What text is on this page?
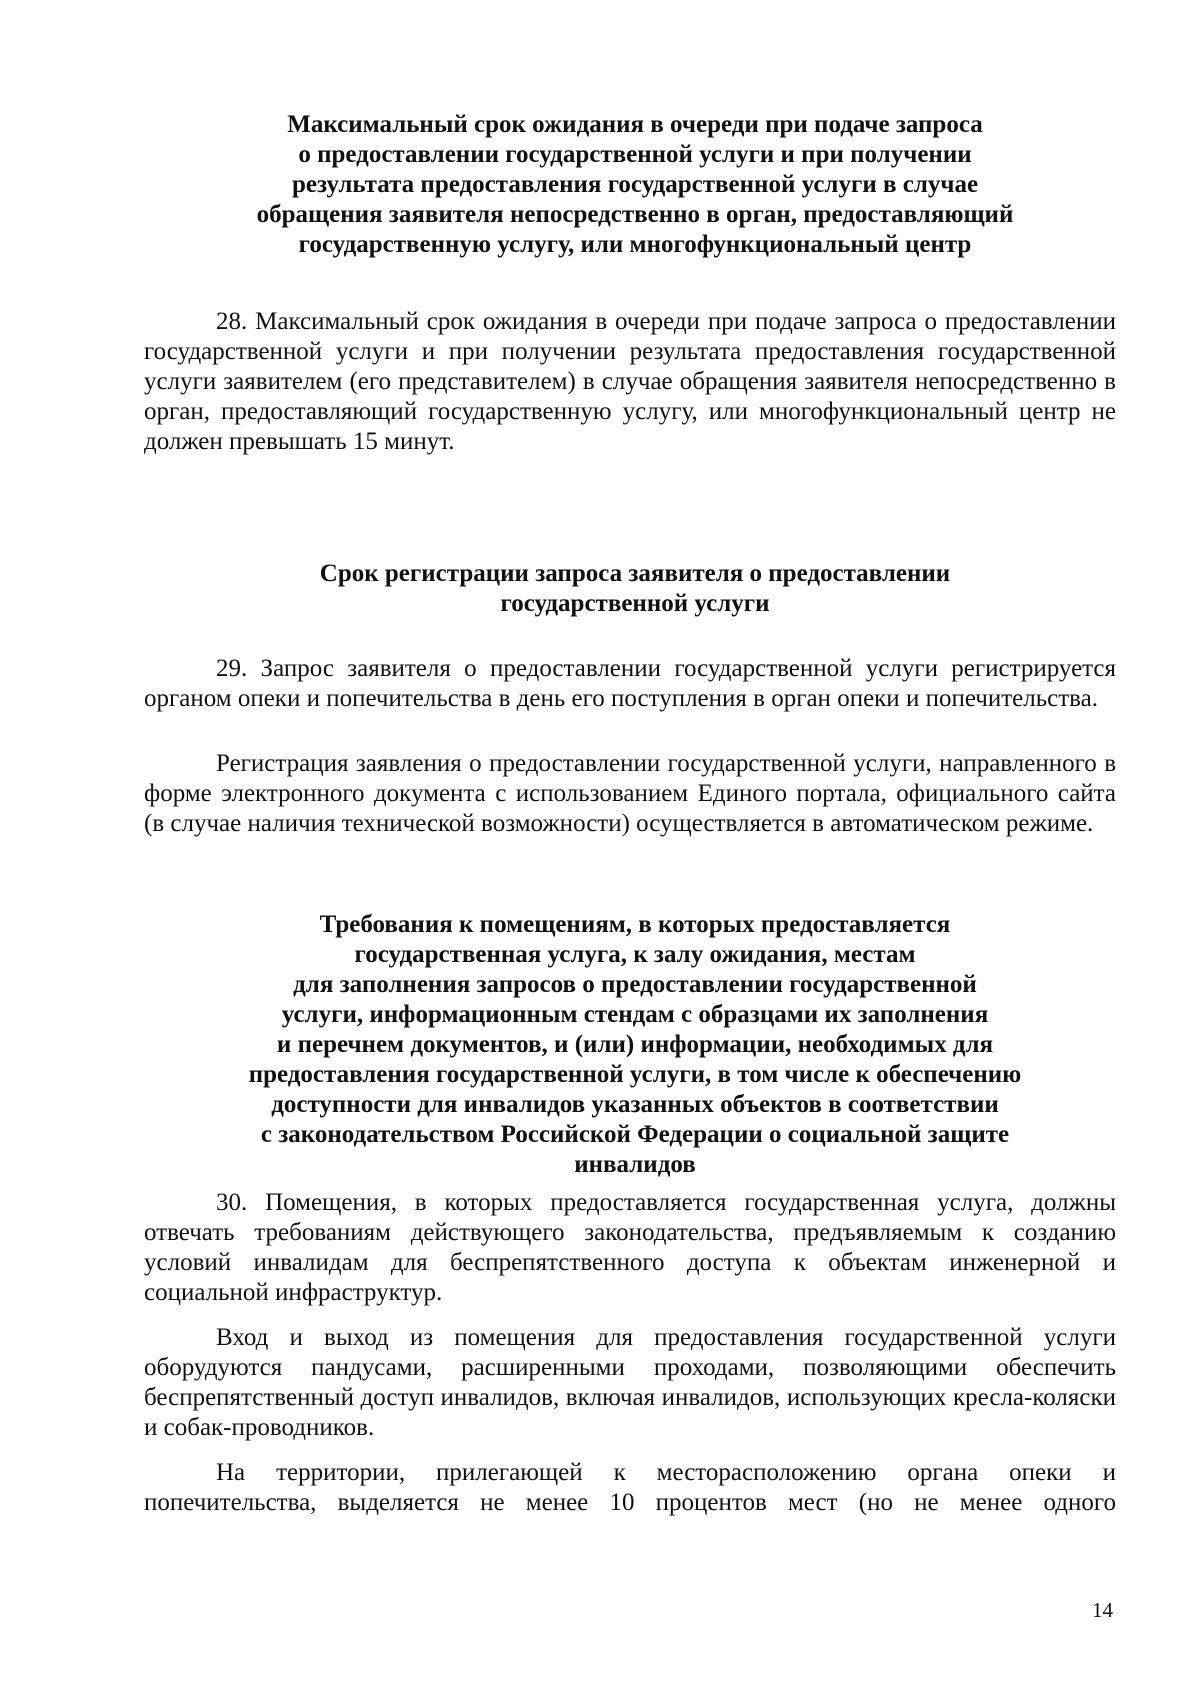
Максимальный срок ожидания в очереди при подаче запроса
о предоставлении государственной услуги и при получении
результата предоставления государственной услуги в случае
обращения заявителя непосредственно в орган, предоставляющий
государственную услугу, или многофункциональный центр
28. Максимальный срок ожидания в очереди при подаче запроса о предоставлении государственной услуги и при получении результата предоставления государственной услуги заявителем (его представителем) в случае обращения заявителя непосредственно в орган, предоставляющий государственную услугу, или многофункциональный центр не должен превышать 15 минут.
Срок регистрации запроса заявителя о предоставлении
государственной услуги
29. Запрос заявителя о предоставлении государственной услуги регистрируется органом опеки и попечительства в день его поступления в орган опеки и попечительства.
Регистрация заявления о предоставлении государственной услуги, направленного в форме электронного документа с использованием Единого портала, официального сайта (в случае наличия технической возможности) осуществляется в автоматическом режиме.
Требования к помещениям, в которых предоставляется
государственная услуга, к залу ожидания, местам
для заполнения запросов о предоставлении государственной
услуги, информационным стендам с образцами их заполнения
и перечнем документов, и (или) информации, необходимых для
предоставления государственной услуги, в том числе к обеспечению
доступности для инвалидов указанных объектов в соответствии
с законодательством Российской Федерации о социальной защите
инвалидов
30. Помещения, в которых предоставляется государственная услуга, должны отвечать требованиям действующего законодательства, предъявляемым к созданию условий инвалидам для беспрепятственного доступа к объектам инженерной и социальной инфраструктур.
Вход и выход из помещения для предоставления государственной услуги оборудуются пандусами, расширенными проходами, позволяющими обеспечить беспрепятственный доступ инвалидов, включая инвалидов, использующих кресла-коляски и собак-проводников.
На территории, прилегающей к месторасположению органа опеки и попечительства, выделяется не менее 10 процентов мест (но не менее одного
14
